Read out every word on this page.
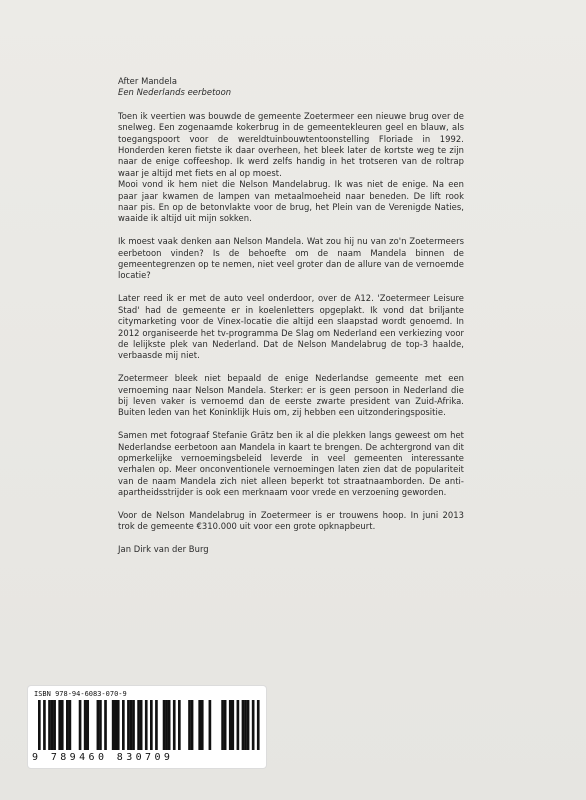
After Mandela
Een Nederlands eerbetoon

Toen ik veertien was bouwde de gemeente Zoetermeer een nieuwe brug over de snelweg. Een zogenaamde kokerbrug in de gemeentekleuren geel en blauw, als toegangspoort voor de wereldtuinbouwtentoonstelling Floriade in 1992. Honderden keren fietste ik daar overheen, het bleek later de kortste weg te zijn naar de enige coffeeshop. Ik werd zelfs handig in het trotseren van de roltrap waar je altijd met fiets en al op moest.

Mooi vond ik hem niet die Nelson Mandelabrug. Ik was niet de enige. Na een paar jaar kwamen de lampen van metaalmoeheid naar beneden. De lift rook naar pis. En op de betonvlakte voor de brug, het Plein van de Verenigde Naties, waaide ik altijd uit mijn sokken.

Ik moest vaak denken aan Nelson Mandela. Wat zou hij nu van zo'n Zoetermeers eerbetoon vinden? Is de behoefte om de naam Mandela binnen de gemeentegrenzen op te nemen, niet veel groter dan de allure van de vernoemde locatie?

Later reed ik er met de auto veel onderdoor, over de A12. 'Zoetermeer Leisure Stad' had de gemeente er in koelenletters opgeplakt. Ik vond dat briljante citymarketing voor de Vinex-locatie die altijd een slaapstad wordt genoemd. In 2012 organiseerde het tv-programma De Slag om Nederland een verkiezing voor de lelijkste plek van Nederland. Dat de Nelson Mandelabrug de top-3 haalde, verbaasde mij niet.

Zoetermeer bleek niet bepaald de enige Nederlandse gemeente met een vernoeming naar Nelson Mandela. Sterker: er is geen persoon in Nederland die bij leven vaker is vernoemd dan de eerste zwarte president van Zuid-Afrika. Buiten leden van het Koninklijk Huis om, zij hebben een uitzonderingspositie.

Samen met fotograaf Stefanie Grätz ben ik al die plekken langs geweest om het Nederlandse eerbetoon aan Mandela in kaart te brengen. De achtergrond van dit opmerkelijke vernoemingsbeleid leverde in veel gemeenten interessante verhalen op. Meer onconventionele vernoemingen laten zien dat de populariteit van de naam Mandela zich niet alleen beperkt tot straatnaamborden. De anti-apartheidsstrijder is ook een merknaam voor vrede en verzoening geworden.

Voor de Nelson Mandelabrug in Zoetermeer is er trouwens hoop. In juni 2013 trok de gemeente €310.000 uit voor een grote opknapbeurt.

Jan Dirk van der Burg

ISBN 978-94-6083-070-9
9 789460 830709
